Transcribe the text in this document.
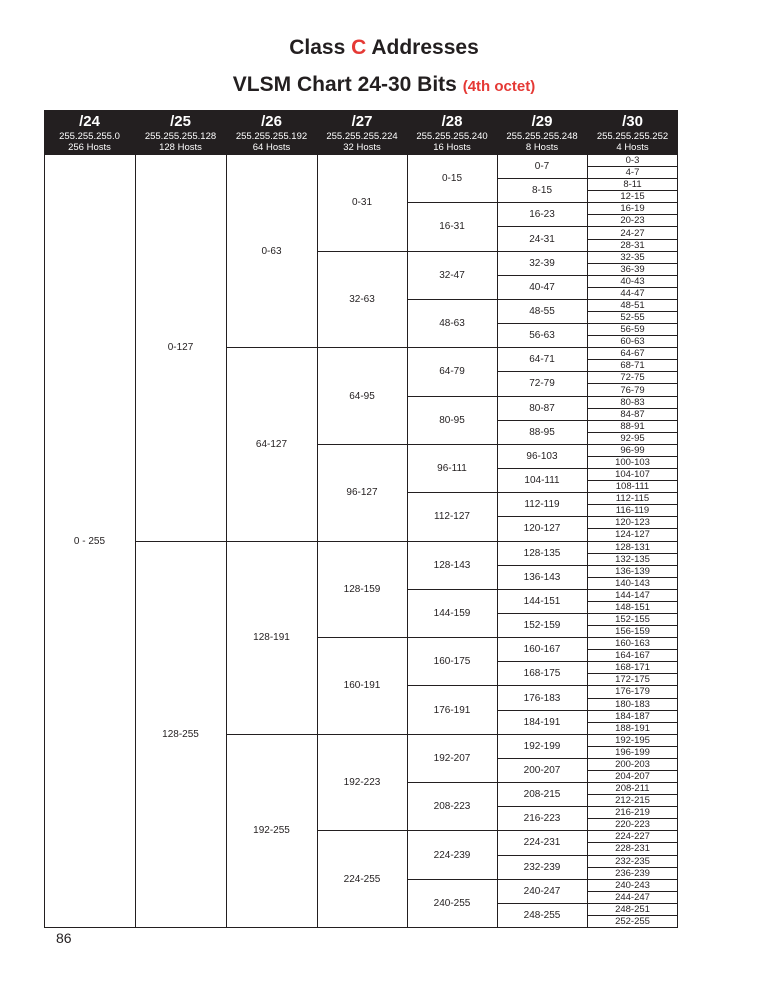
Class C Addresses
VLSM Chart 24-30 Bits (4th octet)
/24
255.255.255.0
256 Hosts
0 - 255
/25
255.255.255.128
128 Hosts
0-127
128-255
/26
255.255.255.192
64 Hosts
0-63
64-127
128-191
192-255
/27
255.255.255.224
32 Hosts
0-31
32-63
64-95
96-127
128-159
160-191
192-223
224-255
/28
255.255.255.240
16 Hosts
0-15
16-31
32-47
48-63
64-79
80-95
96-111
112-127
128-143
144-159
160-175
176-191
192-207
208-223
224-239
240-255
/29
255.255.255.248
8 Hosts
0-7
8-15
16-23
24-31
32-39
40-47
48-55
56-63
64-71
72-79
80-87
88-95
96-103
104-111
112-119
120-127
128-135
136-143
144-151
152-159
160-167
168-175
176-183
184-191
192-199
200-207
208-215
216-223
224-231
232-239
240-247
248-255
/30
255.255.255.252
4 Hosts
0-3
4-7
8-11
12-15
16-19
20-23
24-27
28-31
32-35
36-39
40-43
44-47
48-51
52-55
56-59
60-63
64-67
68-71
72-75
76-79
80-83
84-87
88-91
92-95
96-99
100-103
104-107
108-111
112-115
116-119
120-123
124-127
128-131
132-135
136-139
140-143
144-147
148-151
152-155
156-159
160-163
164-167
168-171
172-175
176-179
180-183
184-187
188-191
192-195
196-199
200-203
204-207
208-211
212-215
216-219
220-223
224-227
228-231
232-235
236-239
240-243
244-247
248-251
252-255
86
